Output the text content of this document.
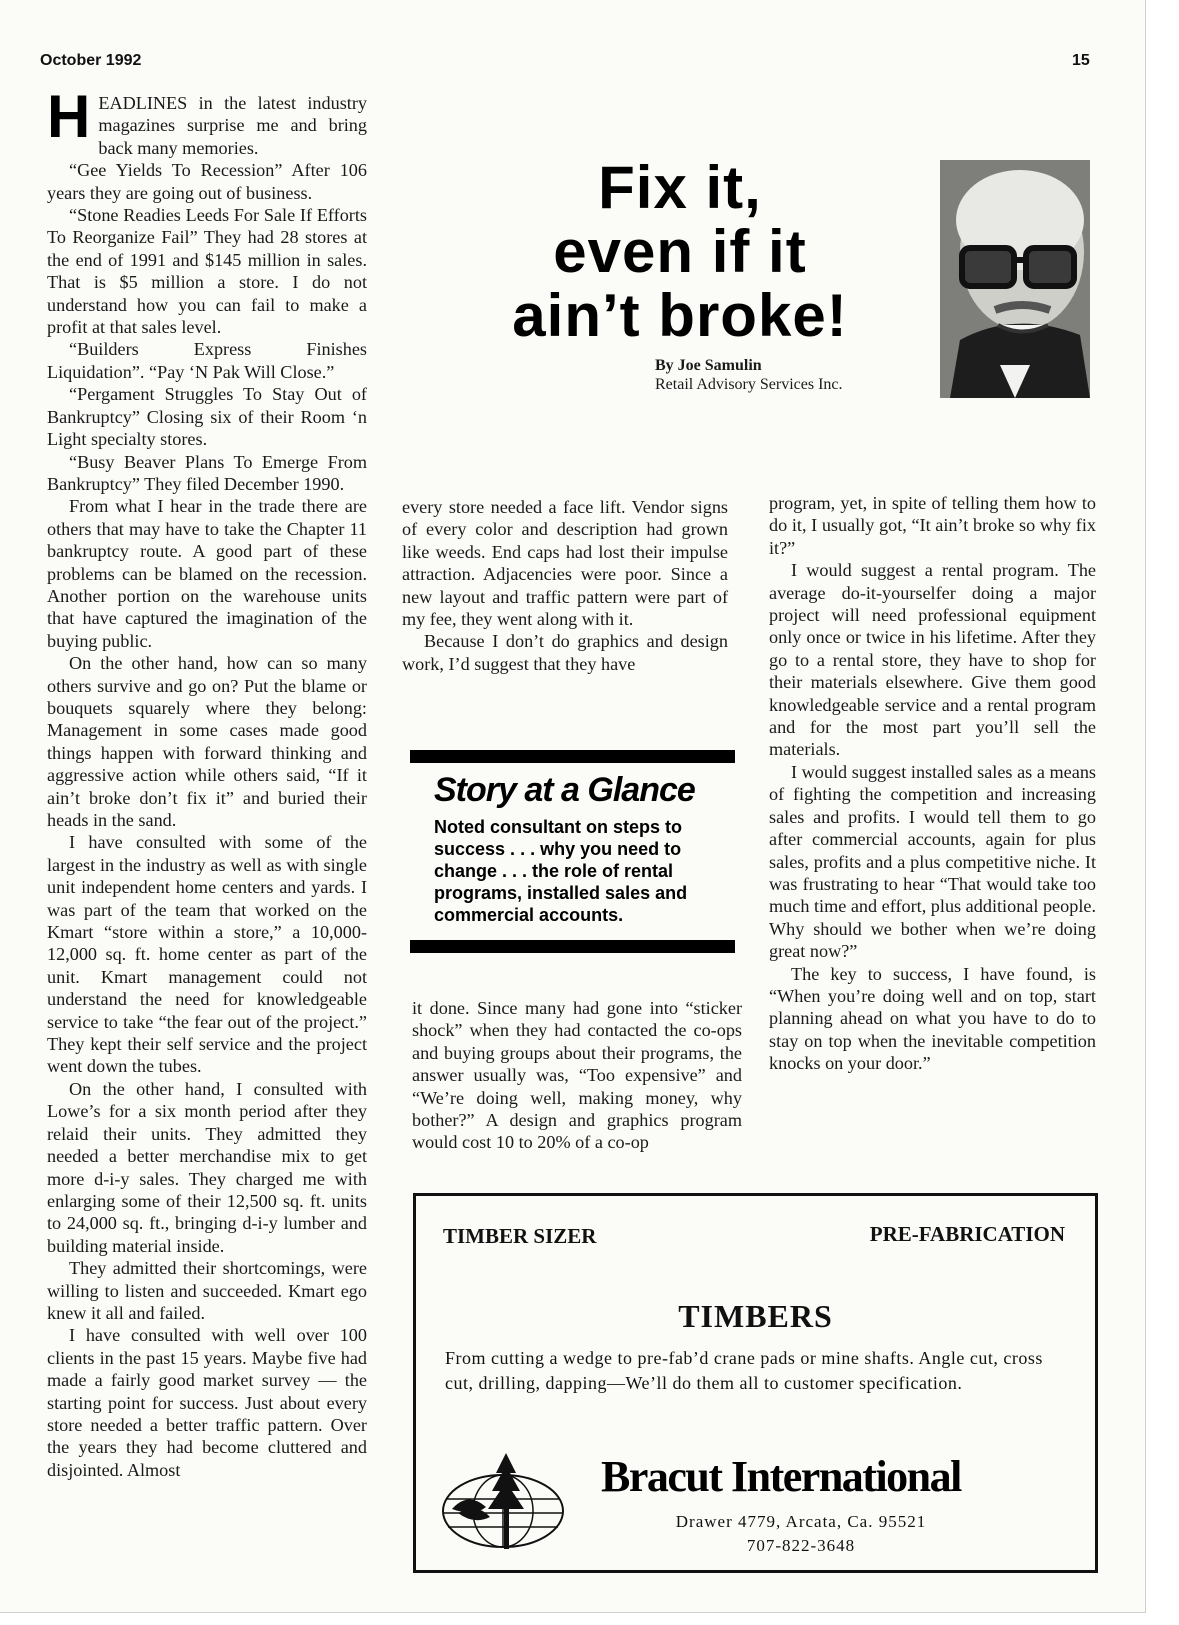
October 1992	15

HEADLINES in the latest industry magazines surprise me and bring back many memories.

“Gee Yields To Recession” After 106 years they are going out of business.

“Stone Readies Leeds For Sale If Efforts To Reorganize Fail” They had 28 stores at the end of 1991 and $145 million in sales. That is $5 million a store. I do not understand how you can fail to make a profit at that sales level.

“Builders Express Finishes Liquidation”. “Pay ‘N Pak Will Close.”

“Pergament Struggles To Stay Out of Bankruptcy” Closing six of their Room ‘n Light specialty stores.

“Busy Beaver Plans To Emerge From Bankruptcy” They filed December 1990.

From what I hear in the trade there are others that may have to take the Chapter 11 bankruptcy route. A good part of these problems can be blamed on the recession. Another portion on the warehouse units that have captured the imagination of the buying public.

On the other hand, how can so many others survive and go on? Put the blame or bouquets squarely where they belong: Management in some cases made good things happen with forward thinking and aggressive action while others said, “If it ain’t broke don’t fix it” and buried their heads in the sand.

I have consulted with some of the largest in the industry as well as with single unit independent home centers and yards. I was part of the team that worked on the Kmart “store within a store,” a 10,000-12,000 sq. ft. home center as part of the unit. Kmart management could not understand the need for knowledgeable service to take “the fear out of the project.” They kept their self service and the project went down the tubes.

On the other hand, I consulted with Lowe’s for a six month period after they relaid their units. They admitted they needed a better merchandise mix to get more d-i-y sales. They charged me with enlarging some of their 12,500 sq. ft. units to 24,000 sq. ft., bringing d-i-y lumber and building material inside.

They admitted their shortcomings, were willing to listen and succeeded. Kmart ego knew it all and failed.

I have consulted with well over 100 clients in the past 15 years. Maybe five had made a fairly good market survey — the starting point for success. Just about every store needed a better traffic pattern. Over the years they had become cluttered and disjointed. Almost

Fix it,
even if it
ain’t broke!
By Joe Samulin
Retail Advisory Services Inc.

every store needed a face lift. Vendor signs of every color and description had grown like weeds. End caps had lost their impulse attraction. Adjacencies were poor. Since a new layout and traffic pattern were part of my fee, they went along with it.

Because I don’t do graphics and design work, I’d suggest that they have

Story at a Glance
Noted consultant on steps to success . . . why you need to change . . . the role of rental programs, installed sales and commercial accounts.

it done. Since many had gone into “sticker shock” when they had contacted the co-ops and buying groups about their programs, the answer usually was, “Too expensive” and “We’re doing well, making money, why bother?” A design and graphics program would cost 10 to 20% of a co-op

program, yet, in spite of telling them how to do it, I usually got, “It ain’t broke so why fix it?”

I would suggest a rental program. The average do-it-yourselfer doing a major project will need professional equipment only once or twice in his lifetime. After they go to a rental store, they have to shop for their materials elsewhere. Give them good knowledgeable service and a rental program and for the most part you’ll sell the materials.

I would suggest installed sales as a means of fighting the competition and increasing sales and profits. I would tell them to go after commercial accounts, again for plus sales, profits and a plus competitive niche. It was frustrating to hear “That would take too much time and effort, plus additional people. Why should we bother when we’re doing great now?”

The key to success, I have found, is “When you’re doing well and on top, start planning ahead on what you have to do to stay on top when the inevitable competition knocks on your door.”

TIMBER SIZER	PRE-FABRICATION
TIMBERS
From cutting a wedge to pre-fab’d crane pads or mine shafts. Angle cut, cross cut, drilling, dapping—We’ll do them all to customer specification.
Bracut International
Drawer 4779, Arcata, Ca. 95521
707-822-3648
